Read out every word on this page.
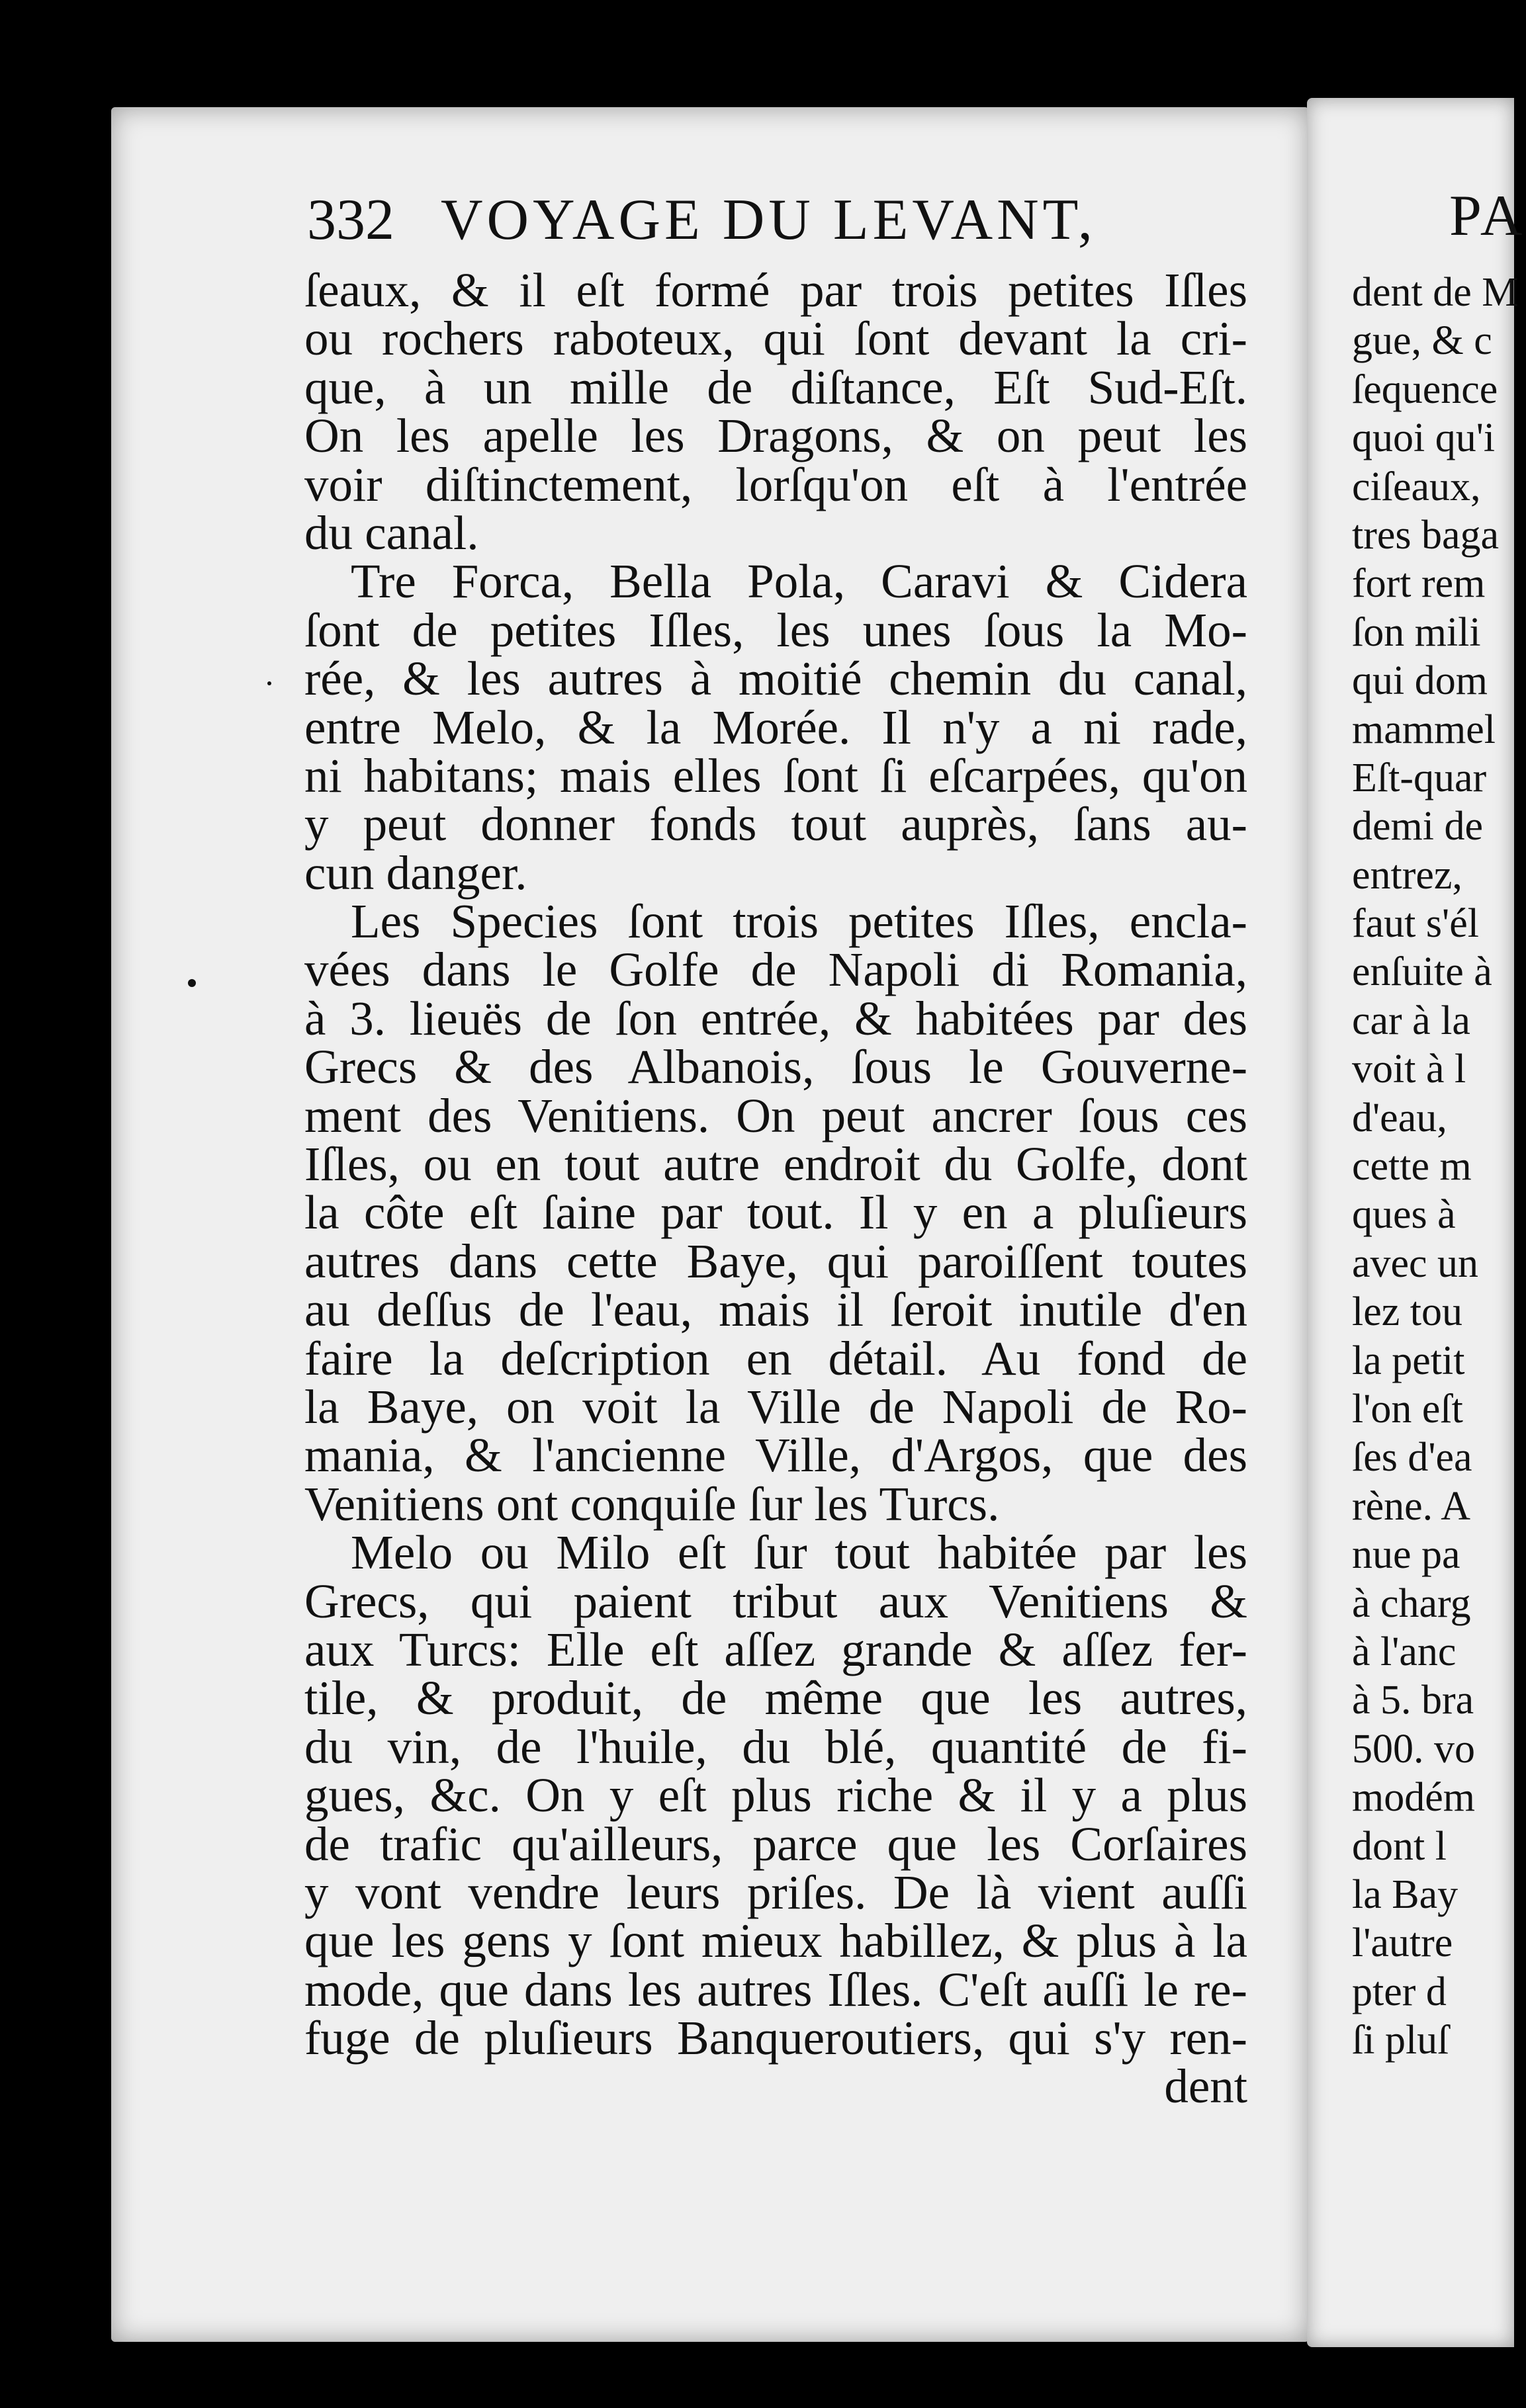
332 VOYAGE DU LEVANT,
ſeaux, & il eſt formé par trois petites Iſles
ou rochers raboteux, qui ſont devant la cri-
que, à un mille de diſtance, Eſt Sud-Eſt.
On les apelle les Dragons, & on peut les
voir diſtinctement, lorſqu'on eſt à l'entrée
du canal.
Tre Forca, Bella Pola, Caravi & Cidera
ſont de petites Iſles, les unes ſous la Mo-
rée, & les autres à moitié chemin du canal,
entre Melo, & la Morée. Il n'y a ni rade,
ni habitans; mais elles ſont ſi eſcarpées, qu'on
y peut donner fonds tout auprès, ſans au-
cun danger.
Les Species ſont trois petites Iſles, encla-
vées dans le Golfe de Napoli di Romania,
à 3. lieuës de ſon entrée, & habitées par des
Grecs & des Albanois, ſous le Gouverne-
ment des Venitiens. On peut ancrer ſous ces
Iſles, ou en tout autre endroit du Golfe, dont
la côte eſt ſaine par tout. Il y en a pluſieurs
autres dans cette Baye, qui paroiſſent toutes
au deſſus de l'eau, mais il ſeroit inutile d'en
faire la deſcription en détail. Au fond de
la Baye, on voit la Ville de Napoli de Ro-
mania, & l'ancienne Ville, d'Argos, que des
Venitiens ont conquiſe ſur les Turcs.
Melo ou Milo eſt ſur tout habitée par les
Grecs, qui paient tribut aux Venitiens &
aux Turcs: Elle eſt aſſez grande & aſſez fer-
tile, & produit, de même que les autres,
du vin, de l'huile, du blé, quantité de fi-
gues, &c. On y eſt plus riche & il y a plus
de trafic qu'ailleurs, parce que les Corſaires
y vont vendre leurs priſes. De là vient auſſi
que les gens y ſont mieux habillez, & plus à la
mode, que dans les autres Iſles. C'eſt auſſi le re-
fuge de pluſieurs Banqueroutiers, qui s'y ren-
dent
PA
dent de M
gue, & c
ſequence
quoi qu'i
ciſeaux,
tres baga
fort rem
ſon mili
qui dom
mammel
Eſt-quar
demi de
entrez,
faut s'él
enſuite à
car à la
voit à l
d'eau,
cette m
ques à
avec un
lez tou
la petit
l'on eſt
ſes d'ea
rène. A
nue pa
à charg
à l'anc
à 5. bra
500. vo
modém
dont l
la Bay
l'autre
pter d
ſi pluſ
